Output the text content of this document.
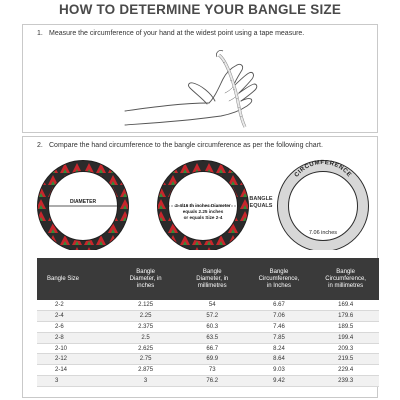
HOW TO DETERMINE YOUR BANGLE SIZE
1. Measure the circumference of your hand at the widest point using a tape measure.
2. Compare the hand circumference to the bangle circumference as per the following chart.
DIAMETER
2-4/16 th inches Diameter
equals 2.25 inches
or equals Size 2-4
CIRCUMFERENCE
7.06 inches
BANGLE
EQUALS
Bangle Size	Bangle
Diameter, in
inches	Bangle
Diameter, in
millimetres	Bangle
Circumference,
in Inches	Bangle
Circumference,
in millimetres
2-2	2.125	54	6.67	169.4
2-4	2.25	57.2	7.06	179.6
2-6	2.375	60.3	7.46	189.5
2-8	2.5	63.5	7.85	199.4
2-10	2.625	66.7	8.24	209.3
2-12	2.75	69.9	8.64	219.5
2-14	2.875	73	9.03	229.4
3	3	76.2	9.42	239.3
